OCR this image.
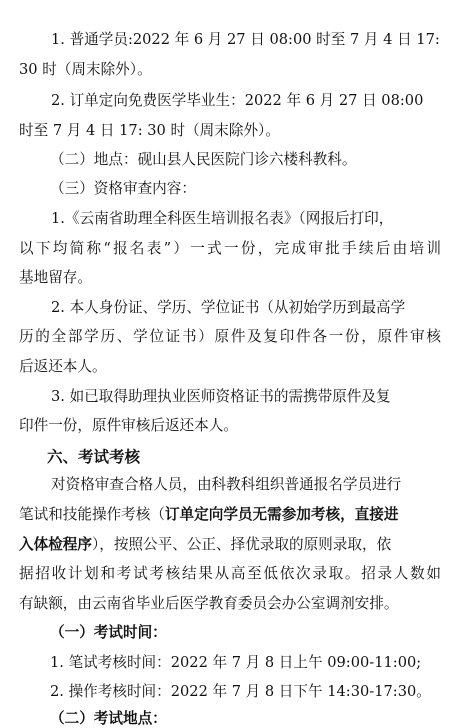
1. 普通学员:2022 年 6 月 27 日 08:00 时至 7 月 4 日 17:
30 时（周末除外）。
2. 订单定向免费医学毕业生：2022 年 6 月 27 日 08:00
时至 7 月 4 日 17: 30 时（周末除外）。
（二）地点：砚山县人民医院门诊六楼科教科。
（三）资格审查内容：
1.《云南省助理全科医生培训报名表》（网报后打印，
以下均简称“报名表”）一式一份，完成审批手续后由培训
基地留存。
2. 本人身份证、学历、学位证书（从初始学历到最高学
历的全部学历、学位证书）原件及复印件各一份，原件审核
后返还本人。
3. 如已取得助理执业医师资格证书的需携带原件及复
印件一份，原件审核后返还本人。
六、考试考核
对资格审查合格人员，由科教科组织普通报名学员进行
笔试和技能操作考核（订单定向学员无需参加考核，直接进
入体检程序），按照公平、公正、择优录取的原则录取，依
据招收计划和考试考核结果从高至低依次录取。招录人数如
有缺额，由云南省毕业后医学教育委员会办公室调剂安排。
（一）考试时间：
1. 笔试考核时间：2022 年 7 月 8 日上午 09:00-11:00;
2. 操作考核时间：2022 年 7 月 8 日下午 14:30-17:30。
（二）考试地点：
